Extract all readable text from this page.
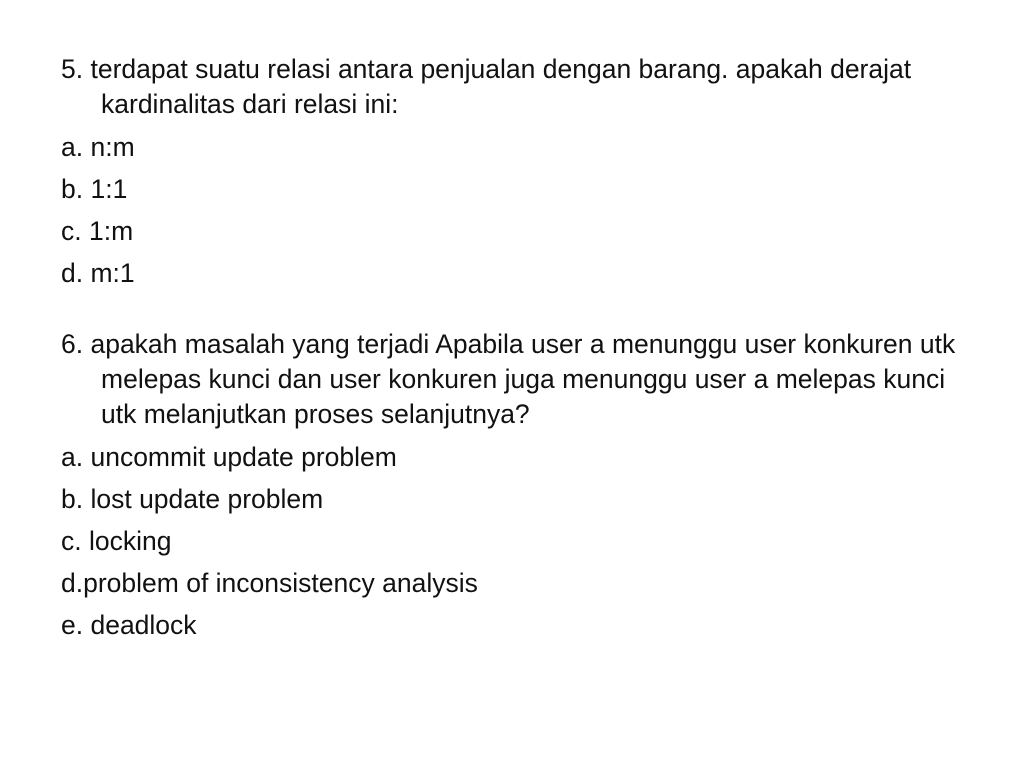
5. terdapat suatu relasi antara penjualan dengan barang. apakah derajat kardinalitas dari relasi ini:

a. n:m
b. 1:1
c. 1:m
d. m:1

6. apakah masalah yang terjadi Apabila user a menunggu user konkuren utk melepas kunci dan user konkuren juga menunggu user a melepas kunci utk melanjutkan proses selanjutnya?

a. uncommit update problem
b. lost update problem
c. locking
d.problem of inconsistency analysis
e. deadlock
